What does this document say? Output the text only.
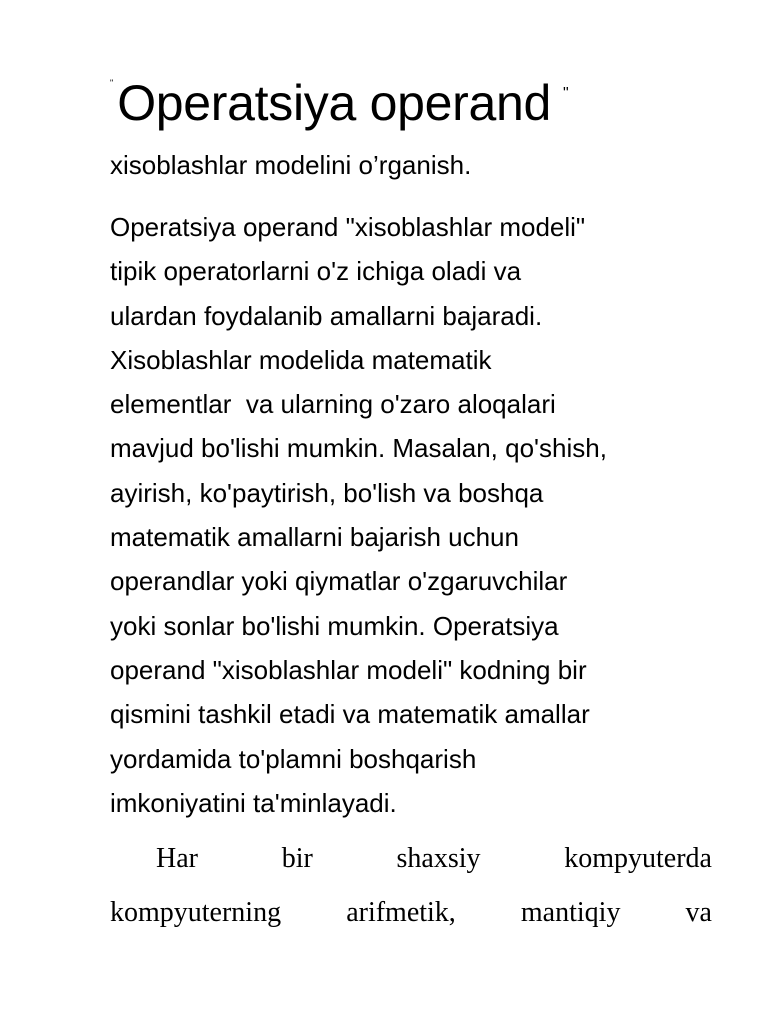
"Operatsiya operand "
xisoblashlar modelini o’rganish.
Operatsiya operand "xisoblashlar modeli"
tipik operatorlarni o'z ichiga oladi va
ulardan foydalanib amallarni bajaradi.
Xisoblashlar modelida matematik
elementlar  va ularning o'zaro aloqalari
mavjud bo'lishi mumkin. Masalan, qo'shish,
ayirish, ko'paytirish, bo'lish va boshqa
matematik amallarni bajarish uchun
operandlar yoki qiymatlar o'zgaruvchilar
yoki sonlar bo'lishi mumkin. Operatsiya
operand "xisoblashlar modeli" kodning bir
qismini tashkil etadi va matematik amallar
yordamida to'plamni boshqarish
imkoniyatini ta'minlayadi.
Har	bir	shaxsiy	kompyuterda
kompyuterning arifmetik, mantiqiy va
